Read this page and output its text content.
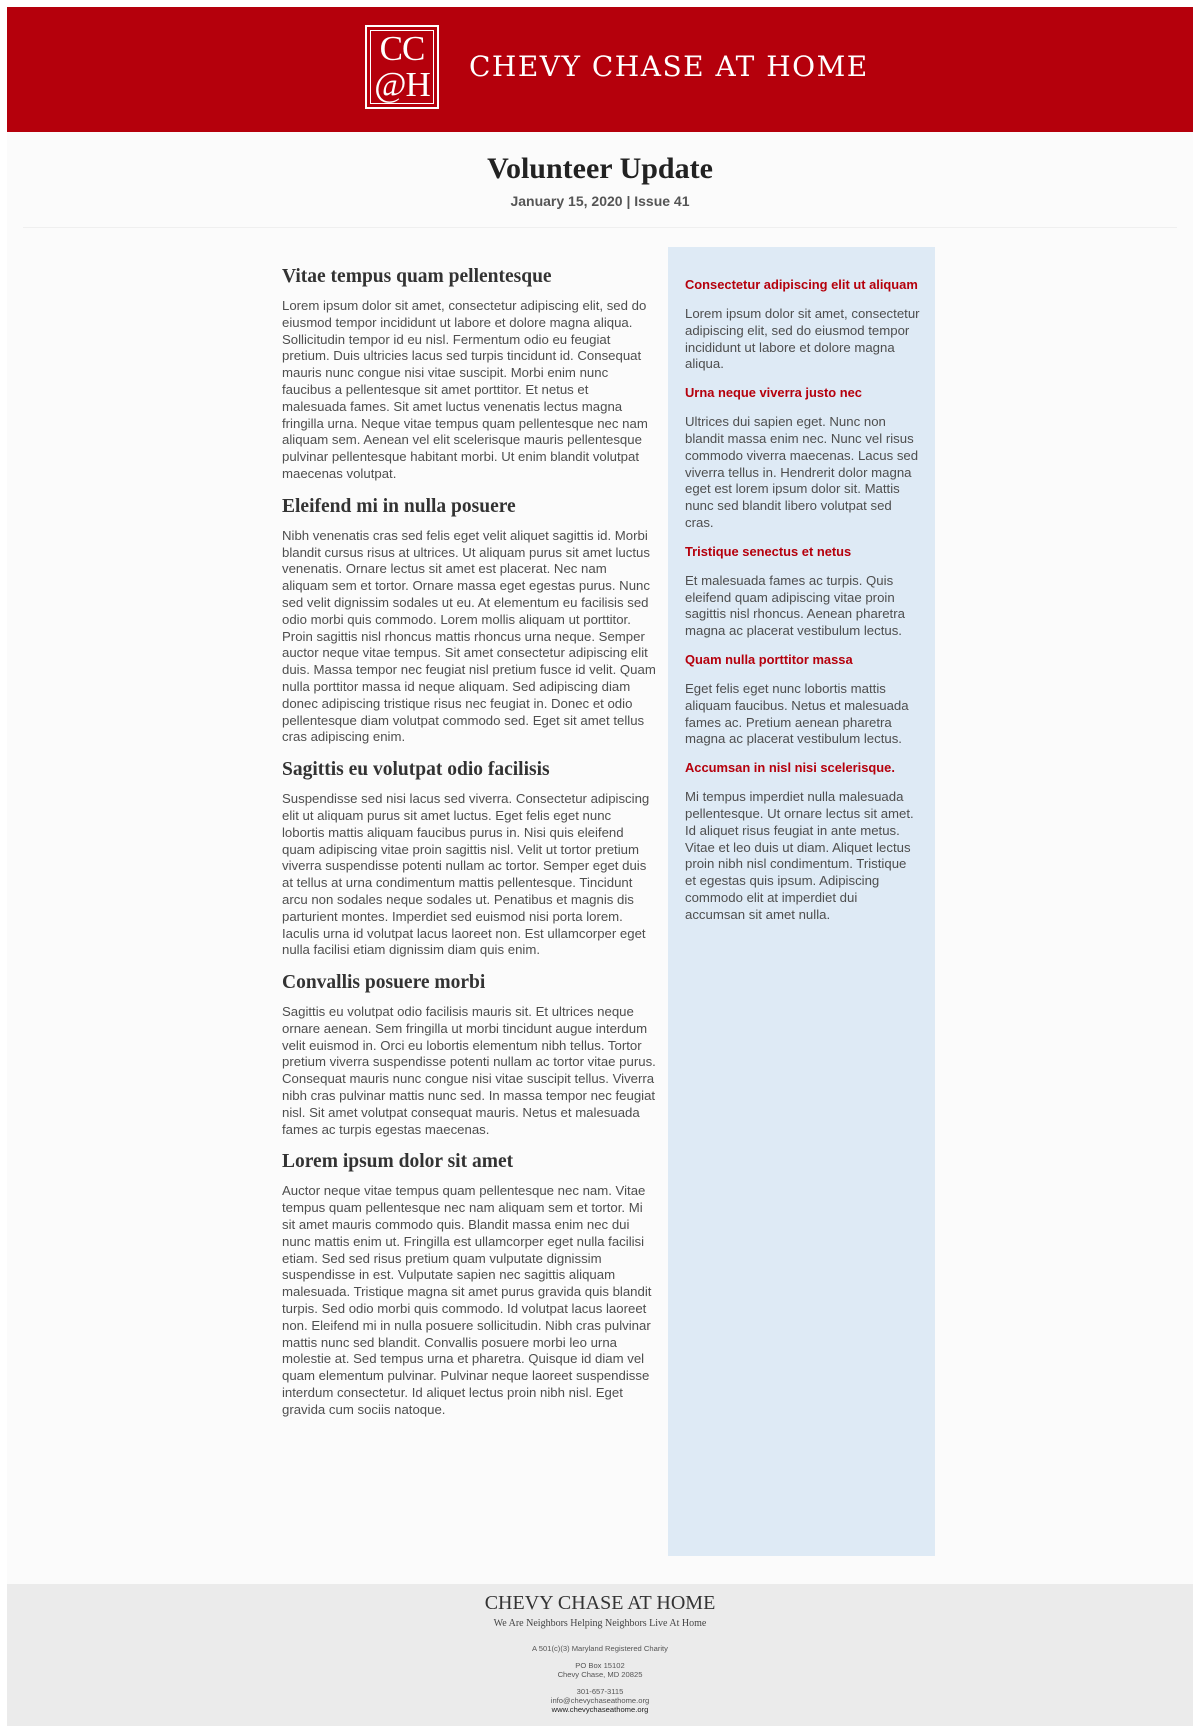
CC
@H CHEVY CHASE AT HOME
Volunteer Update
January 15, 2020 | Issue 41
Vitae tempus quam pellentesque

Lorem ipsum dolor sit amet, consectetur adipiscing elit, sed do eiusmod tempor incididunt ut labore et dolore magna aliqua. Sollicitudin tempor id eu nisl. Fermentum odio eu feugiat pretium. Duis ultricies lacus sed turpis tincidunt id. Consequat mauris nunc congue nisi vitae suscipit. Morbi enim nunc faucibus a pellentesque sit amet porttitor. Et netus et malesuada fames. Sit amet luctus venenatis lectus magna fringilla urna. Neque vitae tempus quam pellentesque nec nam aliquam sem. Aenean vel elit scelerisque mauris pellentesque pulvinar pellentesque habitant morbi. Ut enim blandit volutpat maecenas volutpat.

Eleifend mi in nulla posuere

Nibh venenatis cras sed felis eget velit aliquet sagittis id. Morbi blandit cursus risus at ultrices. Ut aliquam purus sit amet luctus venenatis. Ornare lectus sit amet est placerat. Nec nam aliquam sem et tortor. Ornare massa eget egestas purus. Nunc sed velit dignissim sodales ut eu. At elementum eu facilisis sed odio morbi quis commodo. Lorem mollis aliquam ut porttitor. Proin sagittis nisl rhoncus mattis rhoncus urna neque. Semper auctor neque vitae tempus. Sit amet consectetur adipiscing elit duis. Massa tempor nec feugiat nisl pretium fusce id velit. Quam nulla porttitor massa id neque aliquam. Sed adipiscing diam donec adipiscing tristique risus nec feugiat in. Donec et odio pellentesque diam volutpat commodo sed. Eget sit amet tellus cras adipiscing enim.

Sagittis eu volutpat odio facilisis

Suspendisse sed nisi lacus sed viverra. Consectetur adipiscing elit ut aliquam purus sit amet luctus. Eget felis eget nunc lobortis mattis aliquam faucibus purus in. Nisi quis eleifend quam adipiscing vitae proin sagittis nisl. Velit ut tortor pretium viverra suspendisse potenti nullam ac tortor. Semper eget duis at tellus at urna condimentum mattis pellentesque. Tincidunt arcu non sodales neque sodales ut. Penatibus et magnis dis parturient montes. Imperdiet sed euismod nisi porta lorem. Iaculis urna id volutpat lacus laoreet non. Est ullamcorper eget nulla facilisi etiam dignissim diam quis enim.

Convallis posuere morbi

Sagittis eu volutpat odio facilisis mauris sit. Et ultrices neque ornare aenean. Sem fringilla ut morbi tincidunt augue interdum velit euismod in. Orci eu lobortis elementum nibh tellus. Tortor pretium viverra suspendisse potenti nullam ac tortor vitae purus. Consequat mauris nunc congue nisi vitae suscipit tellus. Viverra nibh cras pulvinar mattis nunc sed. In massa tempor nec feugiat nisl. Sit amet volutpat consequat mauris. Netus et malesuada fames ac turpis egestas maecenas.

Lorem ipsum dolor sit amet

Auctor neque vitae tempus quam pellentesque nec nam. Vitae tempus quam pellentesque nec nam aliquam sem et tortor. Mi sit amet mauris commodo quis. Blandit massa enim nec dui nunc mattis enim ut. Fringilla est ullamcorper eget nulla facilisi etiam. Sed sed risus pretium quam vulputate dignissim suspendisse in est. Vulputate sapien nec sagittis aliquam malesuada. Tristique magna sit amet purus gravida quis blandit turpis. Sed odio morbi quis commodo. Id volutpat lacus laoreet non. Eleifend mi in nulla posuere sollicitudin. Nibh cras pulvinar mattis nunc sed blandit. Convallis posuere morbi leo urna molestie at. Sed tempus urna et pharetra. Quisque id diam vel quam elementum pulvinar. Pulvinar neque laoreet suspendisse interdum consectetur. Id aliquet lectus proin nibh nisl. Eget gravida cum sociis natoque.

Consectetur adipiscing elit ut aliquam

Lorem ipsum dolor sit amet, consectetur adipiscing elit, sed do eiusmod tempor incididunt ut labore et dolore magna aliqua.

Urna neque viverra justo nec

Ultrices dui sapien eget. Nunc non blandit massa enim nec. Nunc vel risus commodo viverra maecenas. Lacus sed viverra tellus in. Hendrerit dolor magna eget est lorem ipsum dolor sit. Mattis nunc sed blandit libero volutpat sed cras.

Tristique senectus et netus

Et malesuada fames ac turpis. Quis eleifend quam adipiscing vitae proin sagittis nisl rhoncus. Aenean pharetra magna ac placerat vestibulum lectus.

Quam nulla porttitor massa

Eget felis eget nunc lobortis mattis aliquam faucibus. Netus et malesuada fames ac. Pretium aenean pharetra magna ac placerat vestibulum lectus.

Accumsan in nisl nisi scelerisque.

Mi tempus imperdiet nulla malesuada pellentesque. Ut ornare lectus sit amet. Id aliquet risus feugiat in ante metus. Vitae et leo duis ut diam. Aliquet lectus proin nibh nisl condimentum. Tristique et egestas quis ipsum. Adipiscing commodo elit at imperdiet dui accumsan sit amet nulla.

CHEVY CHASE AT HOME
We Are Neighbors Helping Neighbors Live At Home
A 501(c)(3) Maryland Registered Charity
PO Box 15102
Chevy Chase, MD 20825
301-657-3115
info@chevychaseathome.org
www.chevychaseathome.org
